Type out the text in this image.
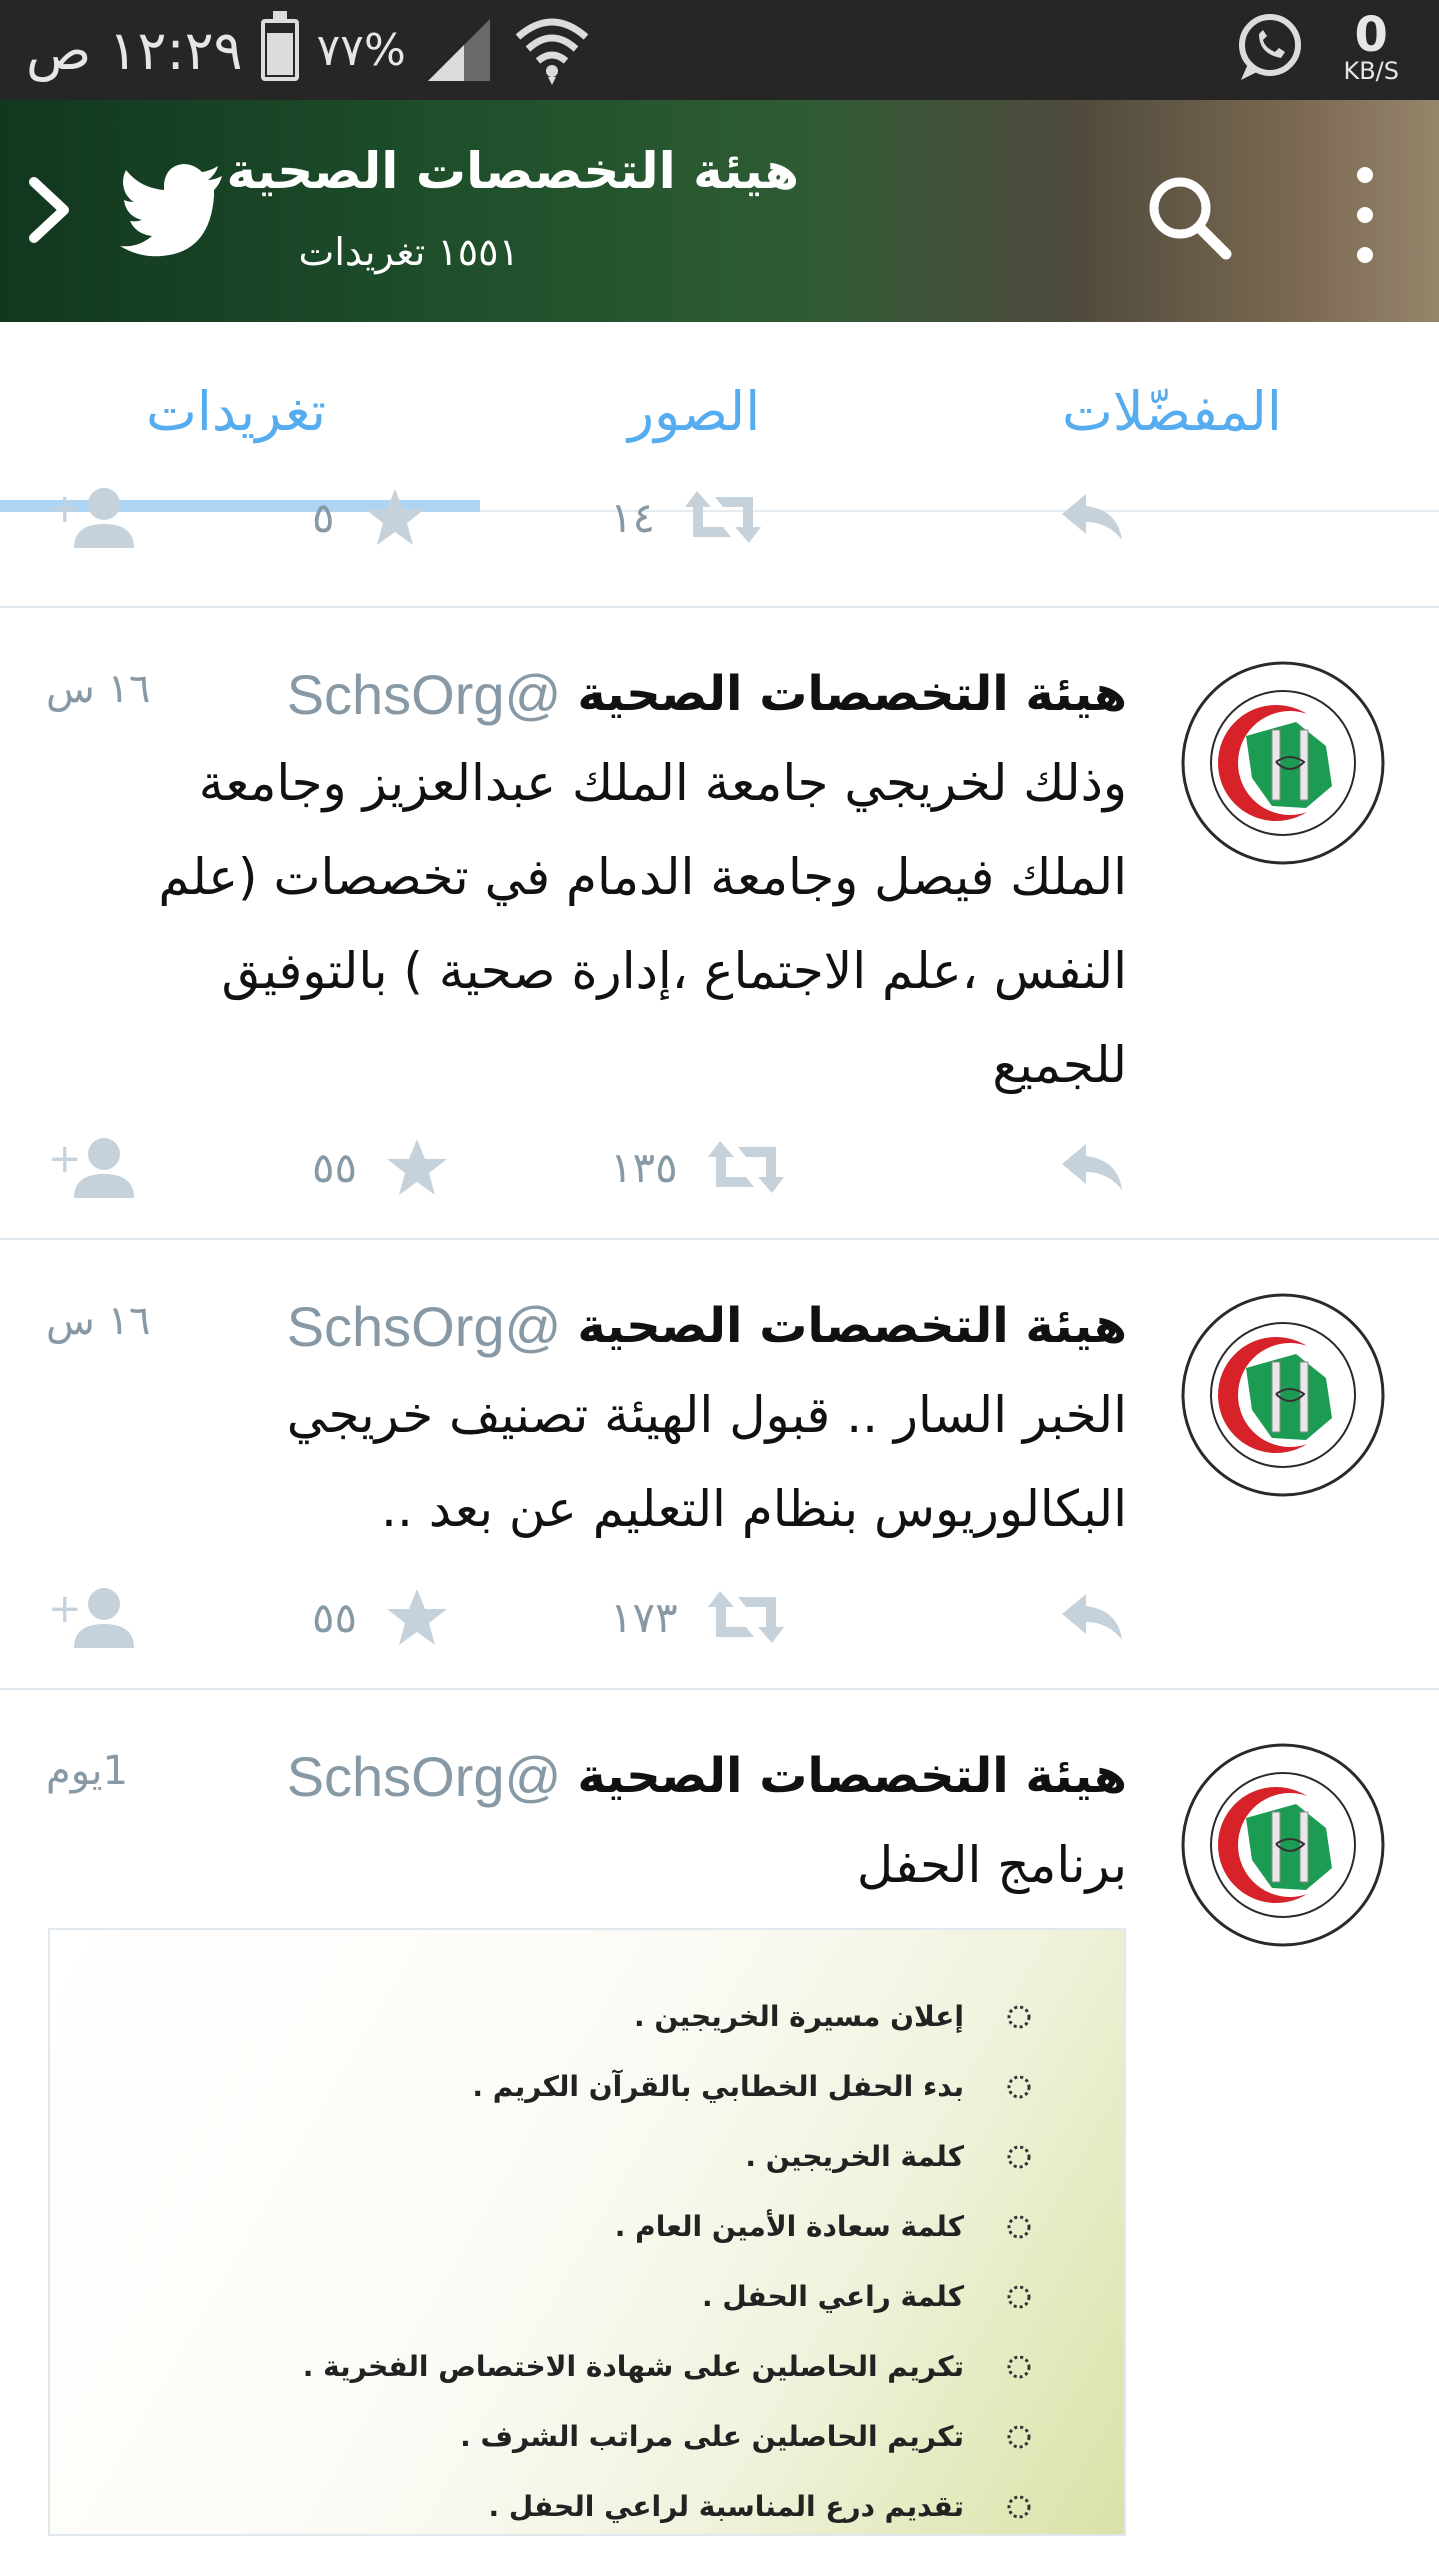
١٢:٢٩ ص ٧٧%	0
KB/S
هيئة التخصصات الصحية
١٥٥١ تغريدات
المفضّلات
الصور
تغريدات
+	٥	١٤
هيئة التخصصات الصحية
@SchsOrg
١٦ س
وذلك لخريجي جامعة الملك عبدالعزيز وجامعة الملك فيصل وجامعة الدمام في تخصصات (علم النفس ،علم الاجتماع ،إدارة صحية ) بالتوفيق للجميع
+	٥٥	١٣٥
هيئة التخصصات الصحية
@SchsOrg
١٦ س
الخبر السار .. قبول الهيئة تصنيف خريجي البكالوريوس بنظام التعليم عن بعد ..
+	٥٥	١٧٣
هيئة التخصصات الصحية
@SchsOrg
1يوم
برنامج الحفل
إعلان مسيرة الخريجين .
بدء الحفل الخطابي بالقرآن الكريم .
كلمة الخريجين .
كلمة سعادة الأمين العام .
كلمة راعي الحفل .
تكريم الحاصلين على شهادة الاختصاص الفخرية .
تكريم الحاصلين على مراتب الشرف .
تقديم درع المناسبة لراعي الحفل .
